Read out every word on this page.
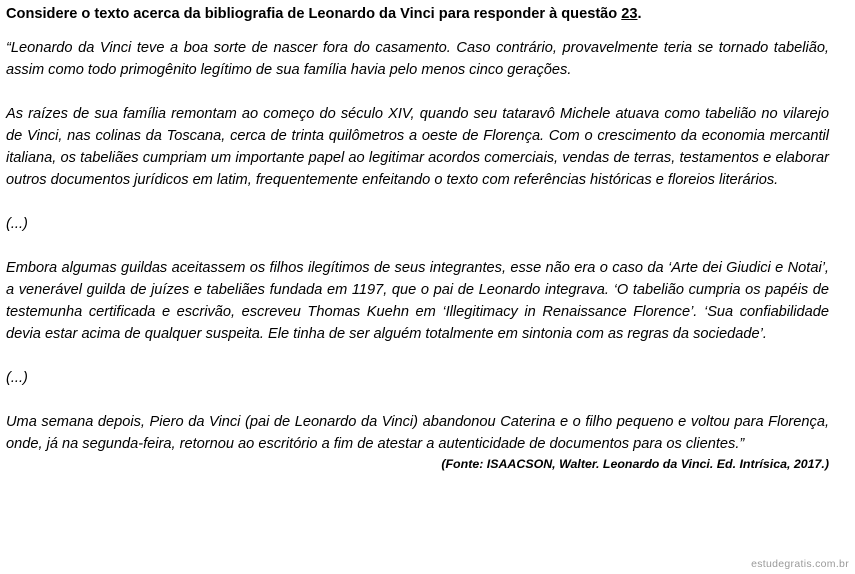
Considere o texto acerca da bibliografia de Leonardo da Vinci para responder à questão 23.

“Leonardo da Vinci teve a boa sorte de nascer fora do casamento. Caso contrário, provavelmente teria se tornado tabelião, assim como todo primogênito legítimo de sua família havia pelo menos cinco gerações.

As raízes de sua família remontam ao começo do século XIV, quando seu tataravô Michele atuava como tabelião no vilarejo de Vinci, nas colinas da Toscana, cerca de trinta quilômetros a oeste de Florença. Com o crescimento da economia mercantil italiana, os tabeliães cumpriam um importante papel ao legitimar acordos comerciais, vendas de terras, testamentos e elaborar outros documentos jurídicos em latim, frequentemente enfeitando o texto com referências históricas e floreios literários.

(...)

Embora algumas guildas aceitassem os filhos ilegítimos de seus integrantes, esse não era o caso da ‘Arte dei Giudici e Notai’, a venerável guilda de juízes e tabeliães fundada em 1197, que o pai de Leonardo integrava. ‘O tabelião cumpria os papéis de testemunha certificada e escrivão, escreveu Thomas Kuehn em ‘Illegitimacy in Renaissance Florence’. ‘Sua confiabilidade devia estar acima de qualquer suspeita. Ele tinha de ser alguém totalmente em sintonia com as regras da sociedade’.

(...)

Uma semana depois, Piero da Vinci (pai de Leonardo da Vinci) abandonou Caterina e o filho pequeno e voltou para Florença, onde, já na segunda-feira, retornou ao escritório a fim de atestar a autenticidade de documentos para os clientes.”

(Fonte: ISAACSON, Walter. Leonardo da Vinci. Ed. Intrísica, 2017.)
estudegratis.com.br
